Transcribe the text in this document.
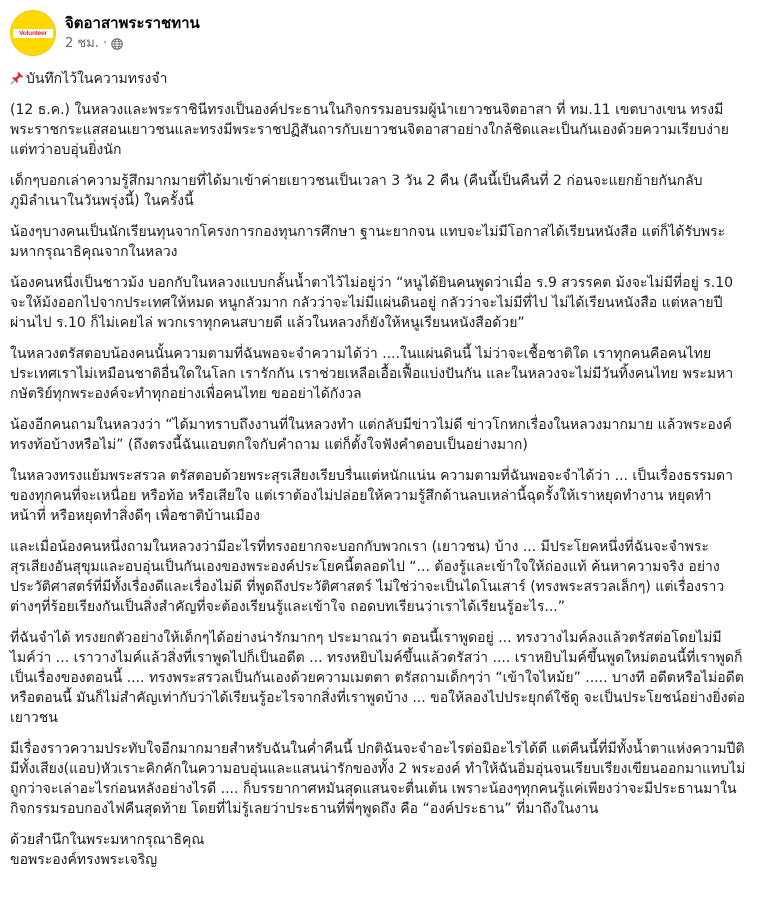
Volunteer
จิตอาสาพระราชทาน
2 ชม. ·

บันทึกไว้ในความทรงจำ

(12 ธ.ค.) ในหลวงและพระราชินีทรงเป็นองค์ประธานในกิจกรรมอบรมผู้นำเยาวชนจิตอาสา ที่ ทม.11 เขตบางเขน ทรงมีพระราชกระแสสอนเยาวชนและทรงมีพระราชปฏิสันถารกับเยาวชนจิตอาสาอย่างใกล้ชิดและเป็นกันเองด้วยความเรียบง่ายแต่ทว่าอบอุ่นยิ่งนัก

เด็กๆบอกเล่าความรู้สึกมากมายที่ได้มาเข้าค่ายเยาวชนเป็นเวลา 3 วัน 2 คืน (คืนนี้เป็นคืนที่ 2 ก่อนจะแยกย้ายกันกลับภูมิลำเนาในวันพรุ่งนี้) ในครั้งนี้

น้องๆบางคนเป็นนักเรียนทุนจากโครงการกองทุนการศึกษา ฐานะยากจน แทบจะไม่มีโอกาสได้เรียนหนังสือ แต่ก็ได้รับพระมหากรุณาธิคุณจากในหลวง

น้องคนหนึ่งเป็นชาวม้ง บอกกับในหลวงแบบกลั้นน้ำตาไว้ไม่อยู่ว่า “หนูได้ยินคนพูดว่าเมื่อ ร.9 สวรรคต ม้งจะไม่มีที่อยู่ ร.10 จะให้ม้งออกไปจากประเทศให้หมด หนูกลัวมาก กลัวว่าจะไม่มีแผ่นดินอยู่ กลัวว่าจะไม่มีที่ไป ไม่ได้เรียนหนังสือ แต่หลายปีผ่านไป ร.10 ก็ไม่เคยไล่ พวกเราทุกคนสบายดี แล้วในหลวงก็ยังให้หนูเรียนหนังสือด้วย”

ในหลวงตรัสตอบน้องคนนั้นความตามที่ฉันพอจะจำความได้ว่า ....ในแผ่นดินนี้ ไม่ว่าจะเชื้อชาติใด เราทุกคนคือคนไทย ประเทศเราไม่เหมือนชาติอื่นใดในโลก เรารักกัน เราช่วยเหลือเอื้อเฟื้อแบ่งปันกัน และในหลวงจะไม่มีวันทิ้งคนไทย พระมหากษัตริย์ทุกพระองค์จะทำทุกอย่างเพื่อคนไทย ขออย่าได้กังวล

น้องอีกคนถามในหลวงว่า “ได้มาทราบถึงงานที่ในหลวงทำ แต่กลับมีข่าวไม่ดี ข่าวโกหกเรื่องในหลวงมากมาย แล้วพระองค์ทรงท้อบ้างหรือไม่” (ถึงตรงนี้ฉันแอบตกใจกับคำถาม แต่ก็ตั้งใจฟังคำตอบเป็นอย่างมาก)

ในหลวงทรงแย้มพระสรวล ตรัสตอบด้วยพระสุรเสียงเรียบรื่นแต่หนักแน่น ความตามที่ฉันพอจะจำได้ว่า ... เป็นเรื่องธรรมดาของทุกคนที่จะเหนื่อย หรือท้อ หรือเสียใจ แต่เราต้องไม่ปล่อยให้ความรู้สึกด้านลบเหล่านี้ฉุดรั้งให้เราหยุดทำงาน หยุดทำหน้าที่ หรือหยุดทำสิ่งดีๆ เพื่อชาติบ้านเมือง

และเมื่อน้องคนหนึ่งถามในหลวงว่ามีอะไรที่ทรงอยากจะบอกกับพวกเรา (เยาวชน) บ้าง ... มีประโยคหนึ่งที่ฉันจะจำพระสุรเสียงอันสุขุมและอบอุ่นเป็นกันเองของพระองค์ประโยคนี้ตลอดไป “... ต้องรู้และเข้าใจให้ถ่องแท้ ค้นหาความจริง อย่างประวัติศาสตร์ที่มีทั้งเรื่องดีและเรื่องไม่ดี ที่พูดถึงประวัติศาสตร์ ไม่ใช่ว่าจะเป็นไดโนเสาร์ (ทรงพระสรวลเล็กๆ) แต่เรื่องราวต่างๆที่ร้อยเรียงกันเป็นสิ่งสำคัญที่จะต้องเรียนรู้และเข้าใจ ถอดบทเรียนว่าเราได้เรียนรู้อะไร...”

ที่ฉันจำได้ ทรงยกตัวอย่างให้เด็กๆได้อย่างน่ารักมากๆ ประมาณว่า ตอนนี้เราพูดอยู่ ... ทรงวางไมค์ลงแล้วตรัสต่อโดยไม่มีไมค์ว่า ... เราวางไมค์แล้วสิ่งที่เราพูดไปก็เป็นอดีต ... ทรงหยิบไมค์ขึ้นแล้วตรัสว่า .... เราหยิบไมค์ขึ้นพูดใหม่ตอนนี้ที่เราพูดก็เป็นเรื่องของตอนนี้ .... ทรงพระสรวลเป็นกันเองด้วยความเมตตา ตรัสถามเด็กๆว่า “เข้าใจไหม้ย” ..... บางที อดีตหรือไม่อดีต หรือตอนนี้ มันก็ไม่สำคัญเท่ากับว่าได้เรียนรู้อะไรจากสิ่งที่เราพูดบ้าง ... ขอให้ลองไปประยุกต์ใช้ดู จะเป็นประโยชน์อย่างยิ่งต่อเยาวชน

มีเรื่องราวความประทับใจอีกมากมายสำหรับฉันในค่ำคืนนี้ ปกติฉันจะจำอะไรต่อมิอะไรได้ดี แต่คืนนี้ที่มีทั้งน้ำตาแห่งความปีติ มีทั้งเสียง(แอบ)หัวเราะคิกคักในความอบอุ่นและแสนน่ารักของทั้ง 2 พระองค์ ทำให้ฉันอิ่มอุ่นจนเรียบเรียงเขียนออกมาแทบไม่ถูกว่าจะเล่าอะไรก่อนหลังอย่างไรดี .... ก็บรรยากาศหมันสุดแสนจะตื่นเต้น เพราะน้องๆทุกคนรู้แค่เพียงว่าจะมีประธานมาในกิจกรรมรอบกองไฟคืนสุดท้าย โดยที่ไม่รู้เลยว่าประธานที่พี่ๆพูดถึง คือ “องค์ประธาน” ที่มาถึงในงาน

ด้วยสำนึกในพระมหากรุณาธิคุณ
ขอพระองค์ทรงพระเจริญ
